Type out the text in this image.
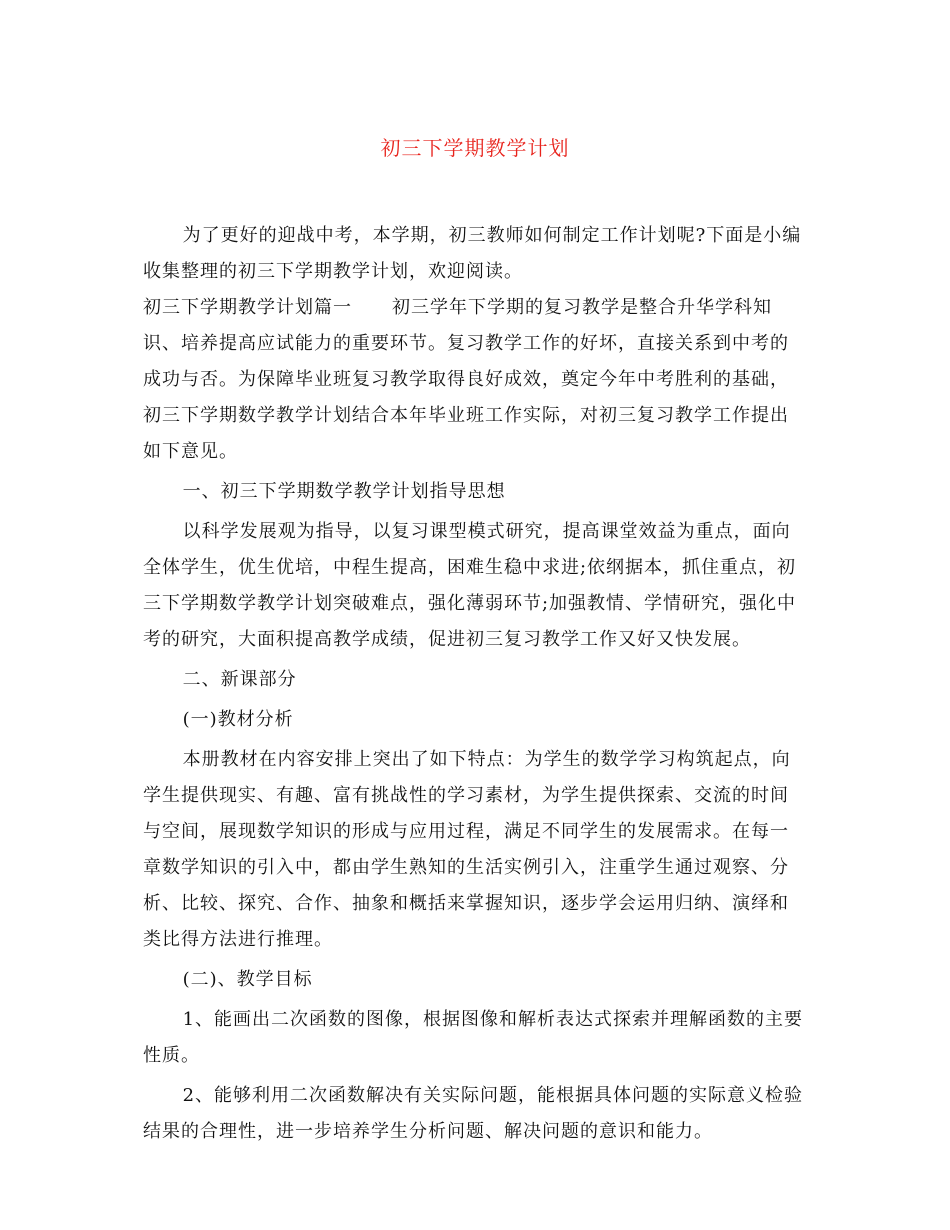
初三下学期教学计划

为了更好的迎战中考，本学期，初三教师如何制定工作计划呢?下面是小编收集整理的初三下学期教学计划，欢迎阅读。

初三下学期教学计划篇一 初三学年下学期的复习教学是整合升华学科知识、培养提高应试能力的重要环节。复习教学工作的好坏，直接关系到中考的成功与否。为保障毕业班复习教学取得良好成效，奠定今年中考胜利的基础，初三下学期数学教学计划结合本年毕业班工作实际，对初三复习教学工作提出如下意见。

一、初三下学期数学教学计划指导思想

以科学发展观为指导，以复习课型模式研究，提高课堂效益为重点，面向全体学生，优生优培，中程生提高，困难生稳中求进;依纲据本，抓住重点，初三下学期数学教学计划突破难点，强化薄弱环节;加强教情、学情研究，强化中考的研究，大面积提高教学成绩，促进初三复习教学工作又好又快发展。

二、新课部分

(一)教材分析

本册教材在内容安排上突出了如下特点：为学生的数学学习构筑起点，向学生提供现实、有趣、富有挑战性的学习素材，为学生提供探索、交流的时间与空间，展现数学知识的形成与应用过程，满足不同学生的发展需求。在每一章数学知识的引入中，都由学生熟知的生活实例引入，注重学生通过观察、分析、比较、探究、合作、抽象和概括来掌握知识，逐步学会运用归纳、演绎和类比得方法进行推理。

(二)、教学目标

1、能画出二次函数的图像，根据图像和解析表达式探索并理解函数的主要性质。

2、能够利用二次函数解决有关实际问题，能根据具体问题的实际意义检验结果的合理性，进一步培养学生分析问题、解决问题的意识和能力。
